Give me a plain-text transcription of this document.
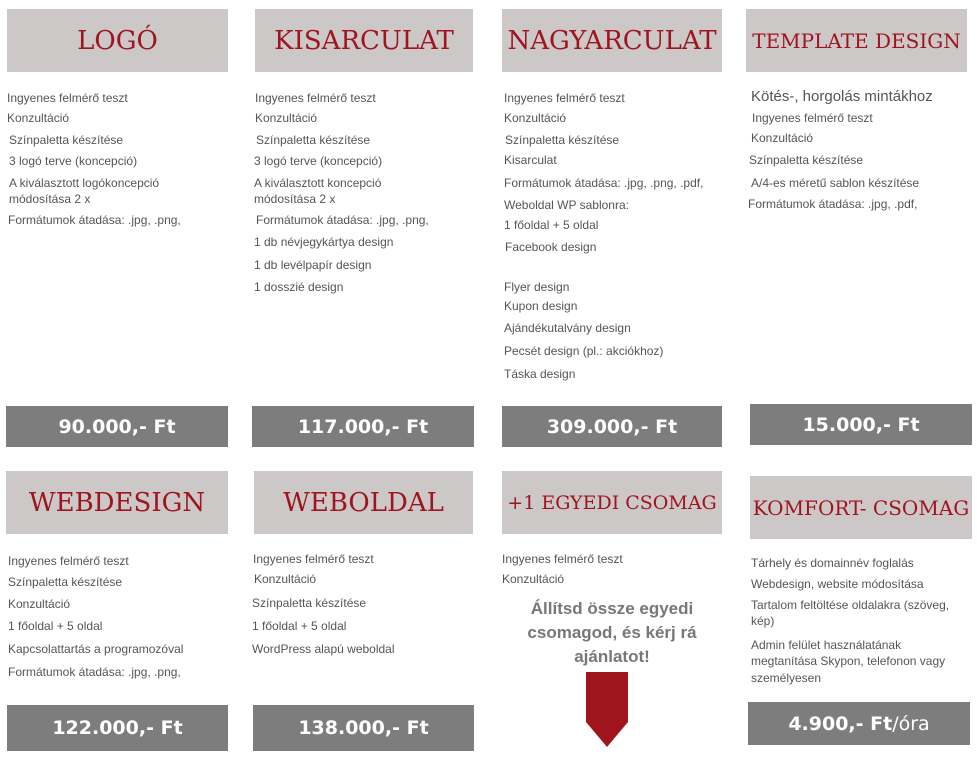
LOGÓ
Ingyenes felmérő teszt
Konzultáció
Színpaletta készítése
3 logó terve (koncepció)
A kiválasztott logókoncepció
módosítása 2 x
Formátumok átadása: .jpg, .png,
90.000,- Ft
KISARCULAT
Ingyenes felmérő teszt
Konzultáció
Színpaletta készítése
3 logó terve (koncepció)
A kiválasztott koncepció
módosítása 2 x
Formátumok átadása: .jpg, .png,
1 db névjegykártya design
1 db levélpapír design
1 dosszié design
117.000,- Ft
NAGYARCULAT
Ingyenes felmérő teszt
Konzultáció
Színpaletta készítése
Kisarculat
Formátumok átadása: .jpg, .png, .pdf,
Weboldal WP sablonra:
1 főoldal + 5 oldal
Facebook design
Flyer design
Kupon design
Ajándékutalvány design
Pecsét design (pl.: akciókhoz)
Táska design
309.000,- Ft
TEMPLATE DESIGN
Kötés-, horgolás mintákhoz
Ingyenes felmérő teszt
Konzultáció
Színpaletta készítése
A/4-es méretű sablon készítése
Formátumok átadása: .jpg, .pdf,
15.000,- Ft
WEBDESIGN
Ingyenes felmérő teszt
Színpaletta készítése
Konzultáció
1 főoldal + 5 oldal
Kapcsolattartás a programozóval
Formátumok átadása: .jpg, .png,
122.000,- Ft
WEBOLDAL
Ingyenes felmérő teszt
Konzultáció
Színpaletta készítése
1 főoldal + 5 oldal
WordPress alapú weboldal
138.000,- Ft
+1 EGYEDI CSOMAG
Ingyenes felmérő teszt
Konzultáció
Állítsd össze egyedi
csomagod, és kérj rá
ajánlatot!
KOMFORT- CSOMAG
Tárhely és domainnév foglalás
Webdesign, website módosítása
Tartalom feltöltése oldalakra (szöveg,
kép)
Admin felület használatának
megtanítása Skypon, telefonon vagy
személyesen
4.900,- Ft /óra
